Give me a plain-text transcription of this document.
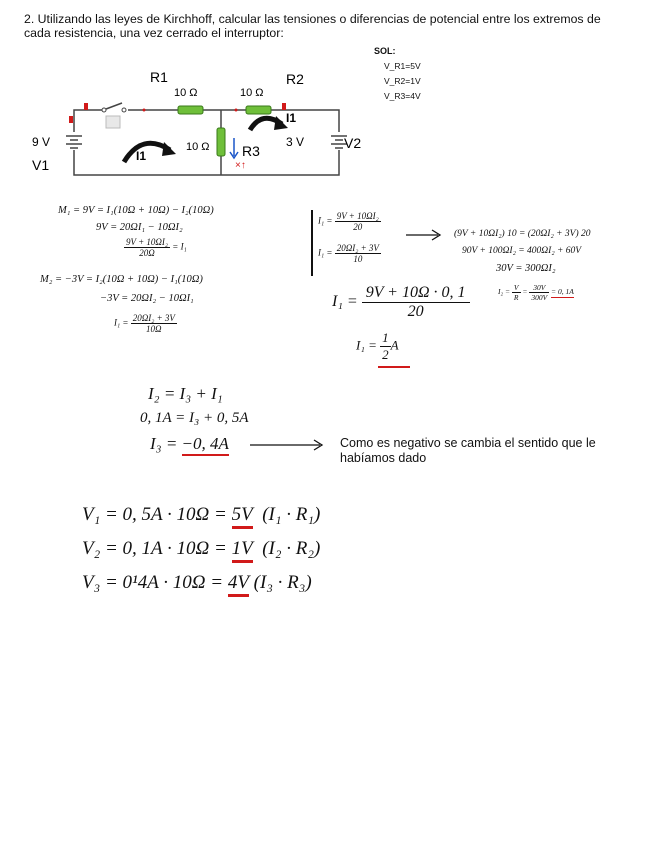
2. Utilizando las leyes de Kirchhoff, calcular las tensiones o diferencias de potencial entre los extremos de cada resistencia, una vez cerrado el interruptor:
SOL:
V_R1=5V
V_R2=1V
V_R3=4V
R1
10 Ω
R2
10 Ω
10 Ω R3
×↑
9 V
V1
3 V	V2
I1
I1
M₁ = 9V = I₁(10Ω + 10Ω) − I₂(10Ω)
9V = 20ΩI₁ − 10ΩI₂
$\frac{\text{9V + 10ΩI₂}}{20\Omega} = I_1$
M₂ = −3V = I₂(10Ω + 10Ω) − I₁(10Ω)
−3V = 20ΩI₂ − 10ΩI₁
$I_1 = \frac{\text{20ΩI₂ + 3V}}{10\Omega}$
$I_1 = \frac{\text{9V + 10ΩI₂}}{20}$
$I_1 = \frac{\text{20ΩI₂ + 3V}}{10}$
(9V + 10ΩI₂) 10 = (20ΩI₂ + 3V) 20
90V + 100ΩI₂ = 400ΩI₂ + 60V
30V = 300ΩI₂
$I_2 = \frac{V}{R} = \frac{30V}{300V} = 0$, 1A
$I_1 = \frac{9V + 10\Omega \cdot 0, 1}{20}$
$I_1 = \frac{1}{2}$ A
I₂ = I₃ + I₁
0, 1A = I₃ + 0, 5A
I₃ = −0, 4A	Como es negativo se cambia el sentido que le habíamos dado
V₁ = 0, 5A · 10Ω = 5V (I₁ · R₁)
V₂ = 0, 1A · 10Ω = 1V (I₂ · R₂)
V₃ = 0¹4A · 10Ω = 4V (I₃ · R₃)
